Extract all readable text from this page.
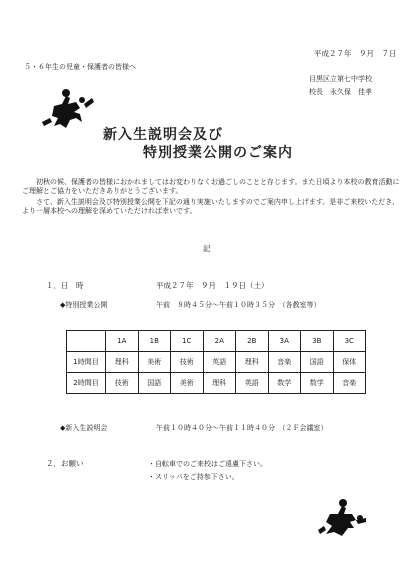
平成２７年　９月　７日
５・６年生の児童・保護者の皆様へ
目黒区立第七中学校
校長　永久保　佳孝
新入生説明会及び
特別授業公開のご案内
初秋の候、保護者の皆様におかれましてはお変わりなくお過ごしのことと存じます。また日頃より本校の教育活動にご理解とご協力をいただきありがとうございます。
さて、新入生説明会及び特別授業公開を下記の通り実施いたしますのでご案内申し上げます。是非ご来校いただき、より一層本校への理解を深めていただければ幸いです。
記
１．日　時	平成２７年　９月　１９日（土）
◆特別授業公開	午前　８時４５分～午前１０時３５分　（各教室等）
	1A	1B	1C	2A	2B	3A	3B	3C
1時間目	理科	美術	技術	英語	理科	音楽	国語	保体
2時間目	技術	国語	美術	理科	英語	数学	数学	音楽
◆新入生説明会	午前１０時４０分～午前１１時４０分　（２Ｆ会議室）
２．お願い	・自転車でのご来校はご遠慮下さい。
・スリッパをご持参下さい。
